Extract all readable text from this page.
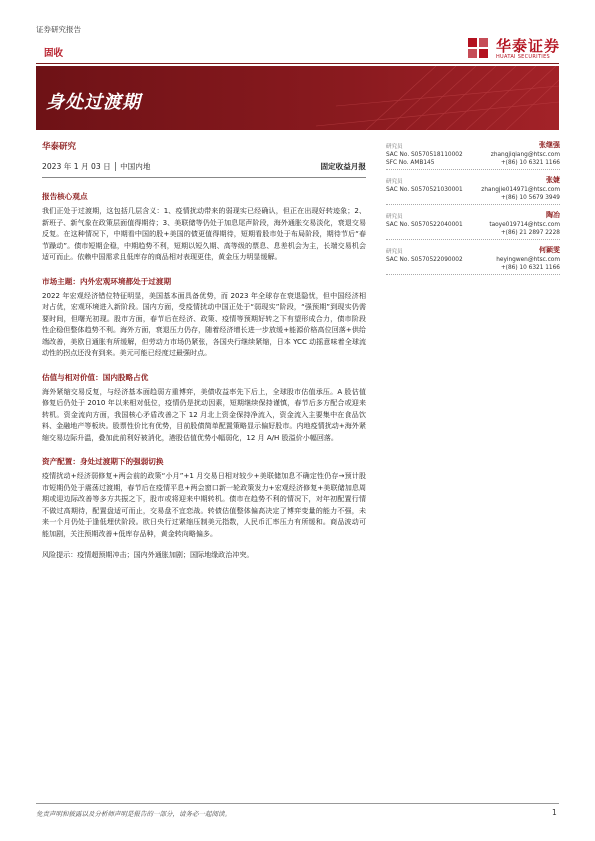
证券研究报告
固收	华泰证券
HUATAI SECURITIES
身处过渡期
华泰研究
2023 年 1 月 03 日 │ 中国内地	固定收益月报
报告核心观点
我们正处于过渡期，这包括几层含义：1、疫情扰动带来的弱现实已经确认，但正在出现好转迹象；2、新班子、新气象在政策层面值得期待；3、美联储等仍处于加息尾声阶段，海外通胀交易淡化，衰退交易反复。在这种情况下，中期看中国的股+美国的债更值得期待，短期看股市处于布局阶段，期待节后“春节躁动”。债市短期企稳，中期趋势不利，短期以短久期、高等级的票息、息差机会为主，长端交易机会适可而止。依赖中国需求且低库存的商品相对表现更佳，黄金压力明显缓解。
市场主题：内外宏观环境都处于过渡期
2022 年宏观经济错位特征明显，美国基本面具备优势，而 2023 年全球存在衰退隐忧，但中国经济相对占优，宏观环境进入新阶段。国内方面，受疫情扰动中国正处于“弱现实”阶段，“强预期”到现实仍需要时间，但曙光初现。股市方面，春节后在经济、政策、疫情等预期好转之下有望形成合力，债市阶段性企稳但整体趋势不利。海外方面，衰退压力仍存，随着经济增长进一步放缓+能源价格高位回落+供给端改善，美欧日通胀有所缓解，但劳动力市场仍紧张，各国央行继续紧缩，日本 YCC 动摇意味着全球流动性的拐点还没有到来。美元可能已经度过最强时点。
估值与相对价值：国内股略占优
海外紧缩交易反复，与经济基本面趋弱方重博弈，美债收益率先下后上，全球股市估值承压。A 股估值修复后仍处于 2010 年以来相对低位，疫情仍是扰动因素，短期继续保持谨慎，春节后多方配合或迎来转机。资金流向方面，我国核心矛盾改善之下 12 月北上资金保持净流入，资金流入主要集中在食品饮料、金融地产等板块。股票性价比有优势，目前股债简单配置策略显示偏好股市。内地疫情扰动+海外紧缩交易边际升温，叠加此前利好被消化，港股估值优势小幅弱化，12 月 A/H 股溢价小幅回落。
资产配置：身处过渡期下的强弱切换
疫情扰动+经济弱修复+两会前的政策“小月”+1 月交易日相对较少+美联储加息不确定性仍存→预计股市短期仍处于震荡过渡期，春节后在疫情平息+两会窗口新一轮政策发力+宏观经济修复+美联储加息周期或迎边际改善等多方共振之下，股市或将迎来中期转机。债市在趋势不利的情况下，对年初配置行情不做过高期待，配置盘适可而止，交易盘不宜恋战。转债估值整体偏高决定了博弈变量的能力不强，未来一个月仍处于逢低埋伏阶段。欧日央行过紧缩压制美元指数，人民币汇率压力有所缓和。商品波动可能加剧，关注预期改善+低库存品种，黄金转向略偏多。
风险提示：疫情超预期冲击；国内外通胀加剧；国际地缘政治冲突。
研究员	张继强
SAC No. S0570518110002	zhangjiqiang@htsc.com
SFC No. AMB145	+(86) 10 6321 1166
研究员	张婕
SAC No. S0570521030001	zhangjie014971@htsc.com
+(86) 10 5679 3949
研究员	陶冶
SAC No. S0570522040001	taoye019714@htsc.com
+(86) 21 2897 2228
研究员	何颖雯
SAC No. S0570522090002	heyingwen@htsc.com
+(86) 10 6321 1166
免责声明和披露以及分析师声明是报告的一部分，请务必一起阅读。	1
